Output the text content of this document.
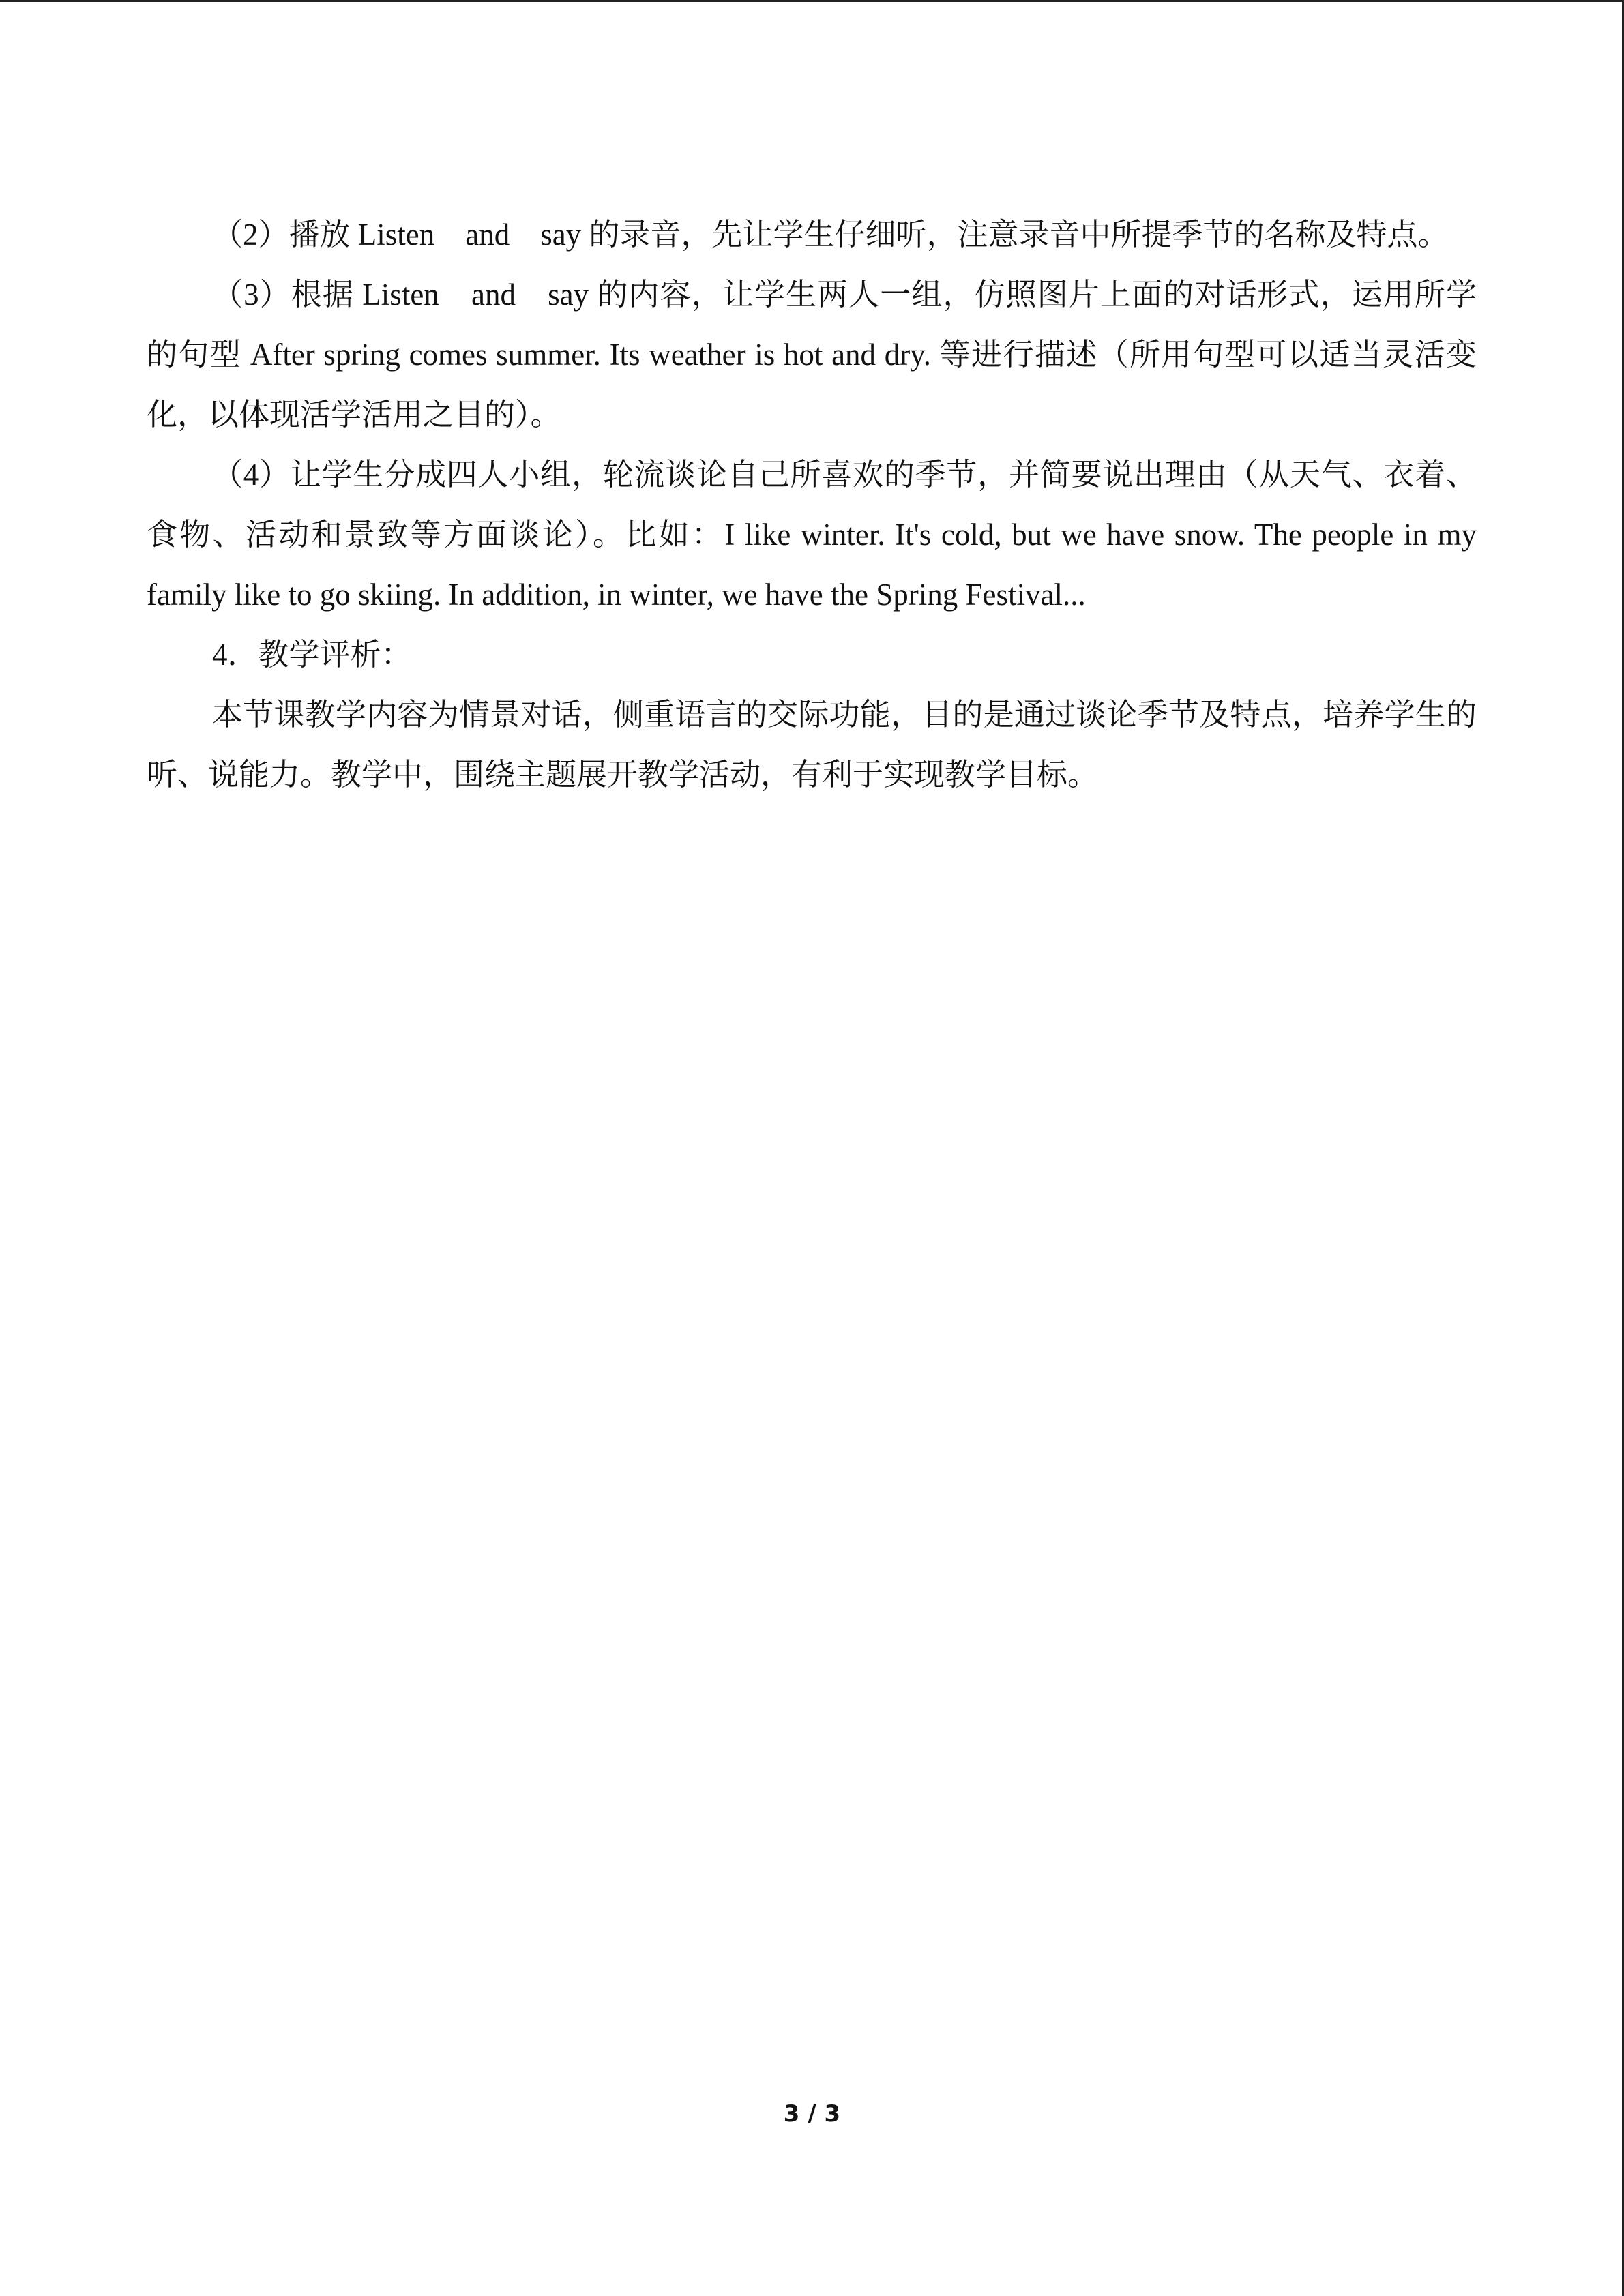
（2）播放 Listen　and　say 的录音，先让学生仔细听，注意录音中所提季节的名称及特点。

（3）根据 Listen　and　say 的内容，让学生两人一组，仿照图片上面的对话形式，运用所学的句型 After spring comes summer. Its weather is hot and dry. 等进行描述（所用句型可以适当灵活变化，以体现活学活用之目的）。

（4）让学生分成四人小组，轮流谈论自己所喜欢的季节，并简要说出理由（从天气、衣着、食物、活动和景致等方面谈论）。比如：I like winter. It's cold, but we have snow. The people in my family like to go skiing. In addition, in winter, we have the Spring Festival...

4．教学评析：

本节课教学内容为情景对话，侧重语言的交际功能，目的是通过谈论季节及特点，培养学生的听、说能力。教学中，围绕主题展开教学活动，有利于实现教学目标。

3 / 3
